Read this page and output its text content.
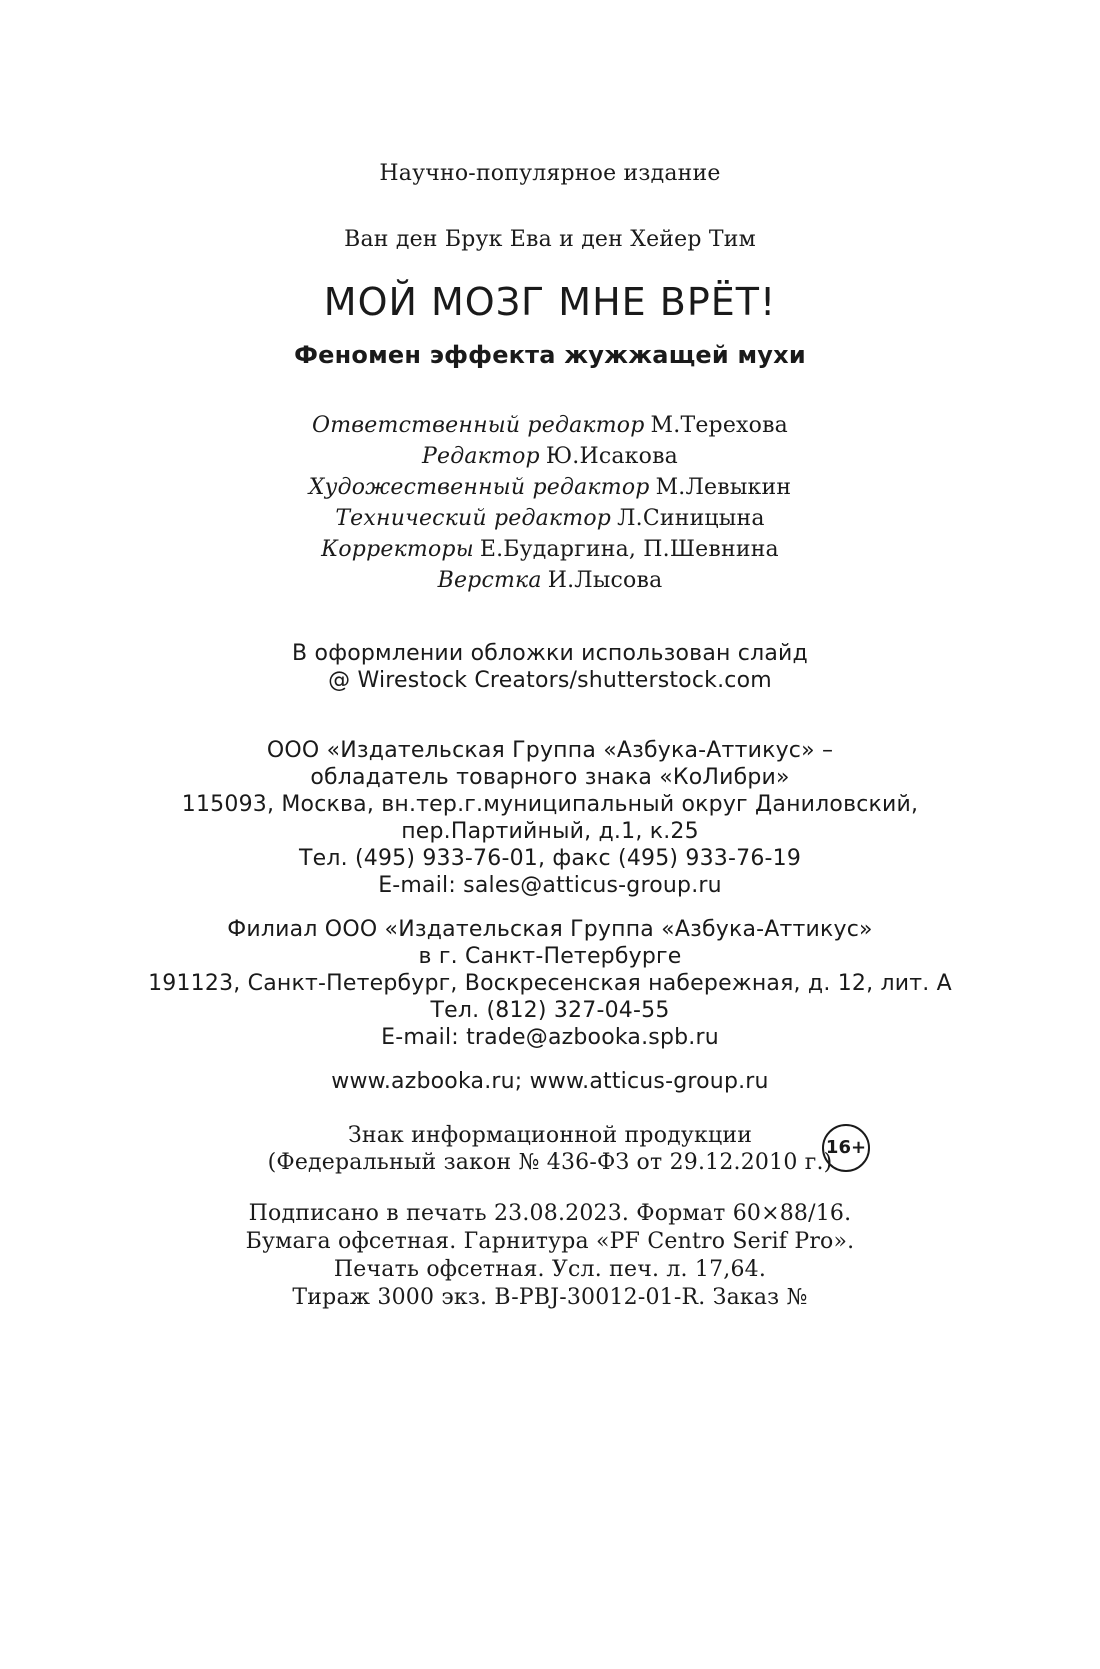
Научно-популярное издание
Ван ден Брук Ева и ден Хейер Тим
МОЙ МОЗГ МНЕ ВРЁТ!
Феномен эффекта жужжащей мухи
Ответственный редактор М.Терехова
Редактор Ю.Исакова
Художественный редактор М.Левыкин
Технический редактор Л.Синицына
Корректоры Е.Бударгина, П.Шевнина
Верстка И.Лысова
В оформлении обложки использован слайд
@ Wirestock Creators/shutterstock.com
ООО «Издательская Группа «Азбука-Аттикус» –
обладатель товарного знака «КоЛибри»
115093, Москва, вн.тер.г.муниципальный округ Даниловский,
пер.Партийный, д.1, к.25
Тел. (495) 933-76-01, факс (495) 933-76-19
E-mail: sales@atticus-group.ru
Филиал ООО «Издательская Группа «Азбука-Аттикус»
в г. Санкт-Петербурге
191123, Санкт-Петербург, Воскресенская набережная, д. 12, лит. А
Тел. (812) 327-04-55
E-mail: trade@azbooka.spb.ru
www.azbooka.ru; www.atticus-group.ru
Знак информационной продукции
(Федеральный закон № 436-ФЗ от 29.12.2010 г.)
16+
Подписано в печать 23.08.2023. Формат 60×88/16.
Бумага офсетная. Гарнитура «PF Centro Serif Pro».
Печать офсетная. Усл. печ. л. 17,64.
Тираж 3000 экз. B-PBJ-30012-01-R. Заказ №
